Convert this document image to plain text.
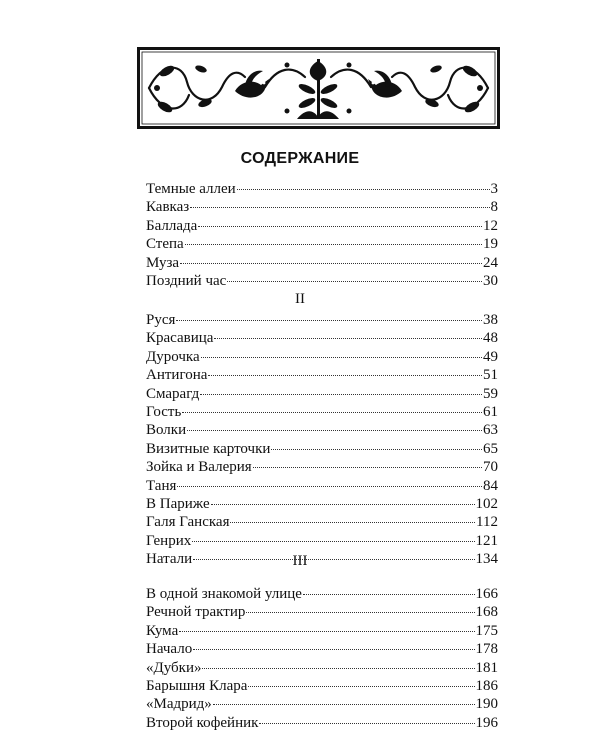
СОДЕРЖАНИЕ
Темные аллеи	3
Кавказ	8
Баллада	12
Степа	19
Муза	24
Поздний час	30
II
Руся	38
Красавица	48
Дурочка	49
Антигона	51
Смарагд	59
Гость	61
Волки	63
Визитные карточки	65
Зойка и Валерия	70
Таня	84
В Париже	102
Галя Ганская	112
Генрих	121
Натали	134
III
В одной знакомой улице	166
Речной трактир	168
Кума	175
Начало	178
«Дубки»	181
Барышня Клара	186
«Мадрид»	190
Второй кофейник	196
